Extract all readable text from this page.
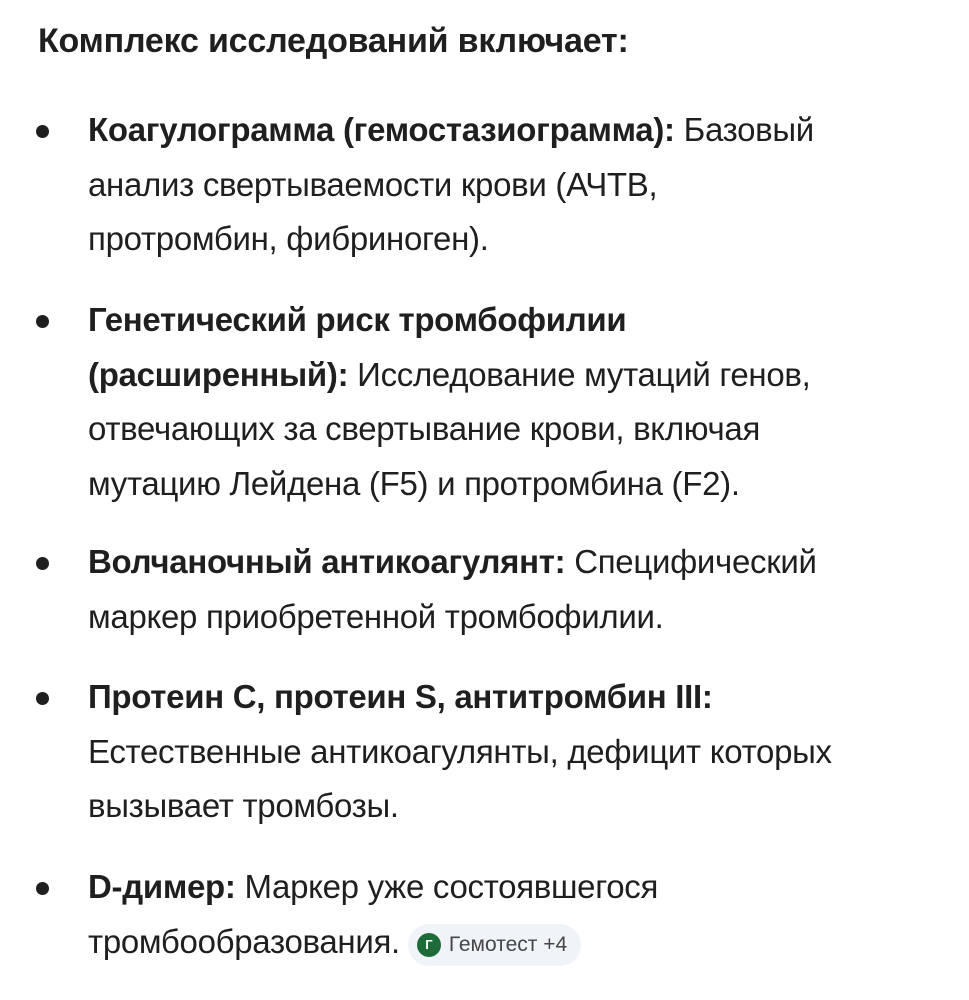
Комплекс исследований включает:
Коагулограмма (гемостазиограмма): Базовый
анализ свертываемости крови (АЧТВ,
протромбин, фибриноген).
Генетический риск тромбофилии
(расширенный): Исследование мутаций генов,
отвечающих за свертывание крови, включая
мутацию Лейдена (F5) и протромбина (F2).
Волчаночный антикоагулянт: Специфический
маркер приобретенной тромбофилии.
Протеин C, протеин S, антитромбин III:
Естественные антикоагулянты, дефицит которых
вызывает тромбозы.
D-димер: Маркер уже состоявшегося
тромбообразования.	Г Гемотест +4
